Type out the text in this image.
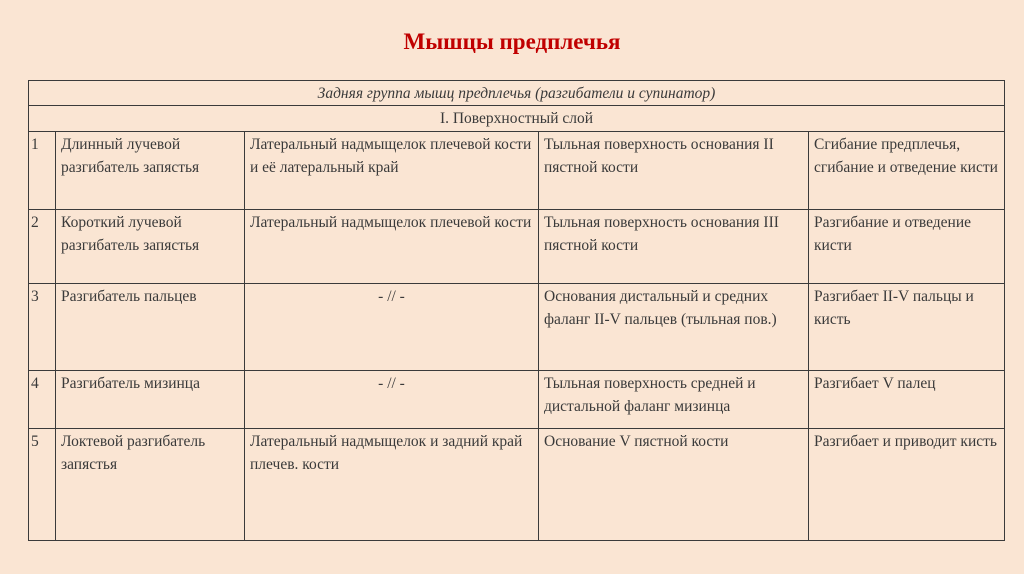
Мышцы предплечья
Задняя группа мышц предплечья (разгибатели и супинатор)				
I. Поверхностный слой				
1	Длинный лучевой разгибатель запястья	Латеральный надмыщелок плечевой кости и её латеральный край	Тыльная поверхность основания II пястной кости	Сгибание предплечья, сгибание и отведение кисти
2	Короткий лучевой разгибатель запястья	Латеральный надмыщелок плечевой кости	Тыльная поверхность основания III пястной кости	Разгибание и отведение кисти
3	Разгибатель пальцев	- // -	Основания дистальный и средних фаланг II-V пальцев (тыльная пов.)	Разгибает II-V пальцы и кисть
4	Разгибатель мизинца	- // -	Тыльная поверхность средней и дистальной фаланг мизинца	Разгибает V палец
5	Локтевой разгибатель запястья	Латеральный надмыщелок и задний край плечев. кости	Основание V пястной кости	Разгибает и приводит кисть
